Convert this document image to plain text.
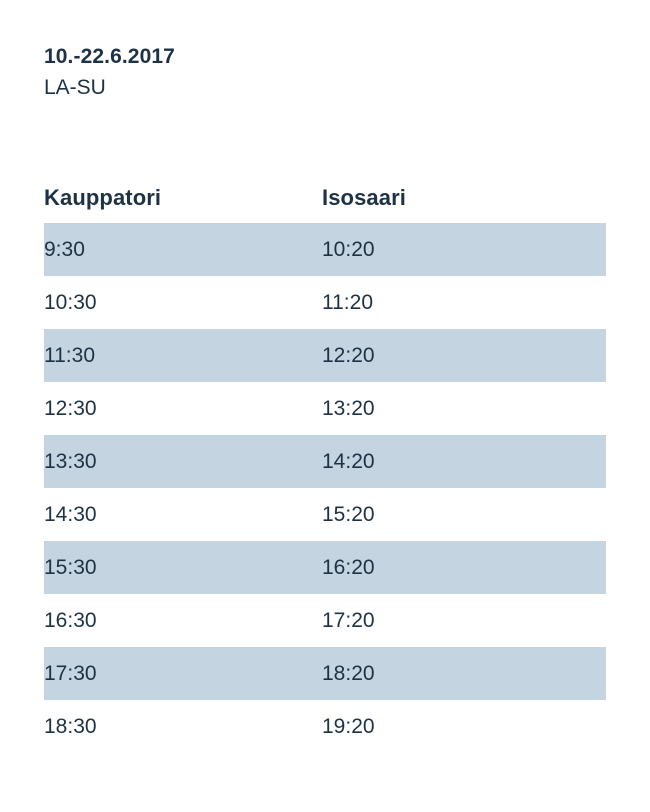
10.-22.6.2017
LA-SU
Kauppatori	Isosaari
9:30	10:20
10:30	11:20
11:30	12:20
12:30	13:20
13:30	14:20
14:30	15:20
15:30	16:20
16:30	17:20
17:30	18:20
18:30	19:20
